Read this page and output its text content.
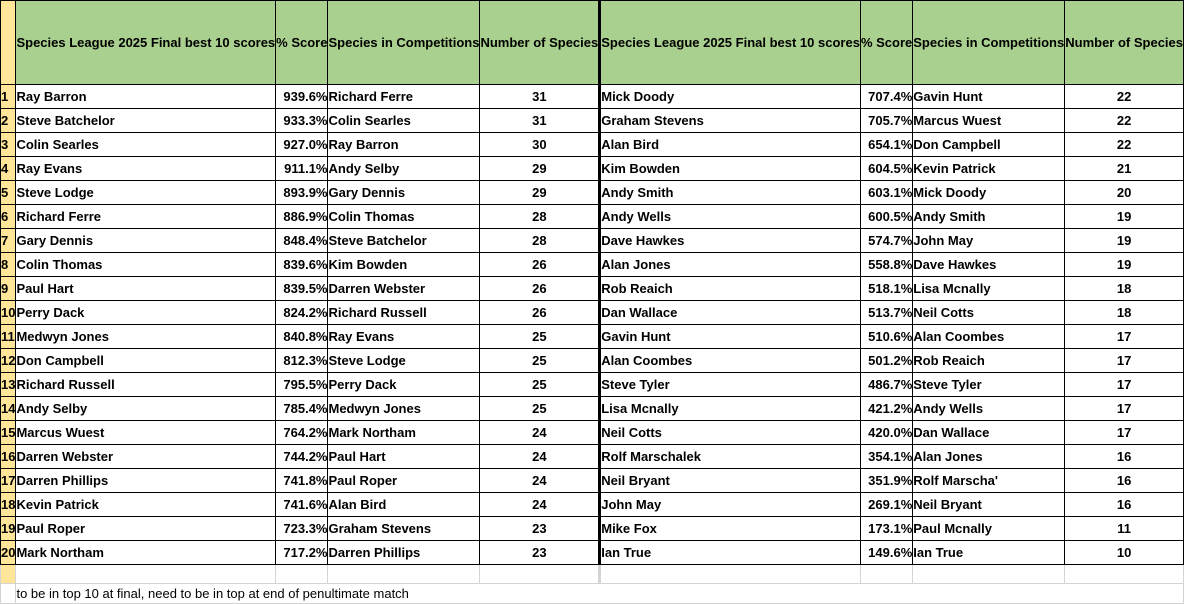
	Species League 2025 Final best 10 scores	% Score	Species in Competitions	Number of Species			Species League 2025 Final best 10 scores	% Score	Species in Competitions	Number of Species
1	Ray Barron	939.6%	Richard Ferre	31			Mick Doody	707.4%	Gavin Hunt	22
2	Steve Batchelor	933.3%	Colin Searles	31			Graham Stevens	705.7%	Marcus Wuest	22
3	Colin Searles	927.0%	Ray Barron	30			Alan Bird	654.1%	Don Campbell	22
4	Ray Evans	911.1%	Andy Selby	29			Kim Bowden	604.5%	Kevin Patrick	21
5	Steve Lodge	893.9%	Gary Dennis	29			Andy Smith	603.1%	Mick Doody	20
6	Richard Ferre	886.9%	Colin Thomas	28			Andy Wells	600.5%	Andy Smith	19
7	Gary Dennis	848.4%	Steve Batchelor	28			Dave Hawkes	574.7%	John May	19
8	Colin Thomas	839.6%	Kim Bowden	26			Alan Jones	558.8%	Dave Hawkes	19
9	Paul Hart	839.5%	Darren Webster	26			Rob Reaich	518.1%	Lisa Mcnally	18
10	Perry Dack	824.2%	Richard Russell	26			Dan Wallace	513.7%	Neil Cotts	18
11	Medwyn Jones	840.8%	Ray Evans	25			Gavin Hunt	510.6%	Alan Coombes	17
12	Don Campbell	812.3%	Steve Lodge	25			Alan Coombes	501.2%	Rob Reaich	17
13	Richard Russell	795.5%	Perry Dack	25			Steve Tyler	486.7%	Steve Tyler	17
14	Andy Selby	785.4%	Medwyn Jones	25			Lisa Mcnally	421.2%	Andy Wells	17
15	Marcus Wuest	764.2%	Mark Northam	24			Neil Cotts	420.0%	Dan Wallace	17
16	Darren Webster	744.2%	Paul Hart	24			Rolf Marschalek	354.1%	Alan Jones	16
17	Darren Phillips	741.8%	Paul Roper	24			Neil Bryant	351.9%	Rolf Marscha'	16
18	Kevin Patrick	741.6%	Alan Bird	24			John May	269.1%	Neil Bryant	16
19	Paul Roper	723.3%	Graham Stevens	23			Mike Fox	173.1%	Paul Mcnally	11
20	Mark Northam	717.2%	Darren Phillips	23			Ian True	149.6%	Ian True	10

	to be in top 10 at final, need to be in top at end of penultimate match								
